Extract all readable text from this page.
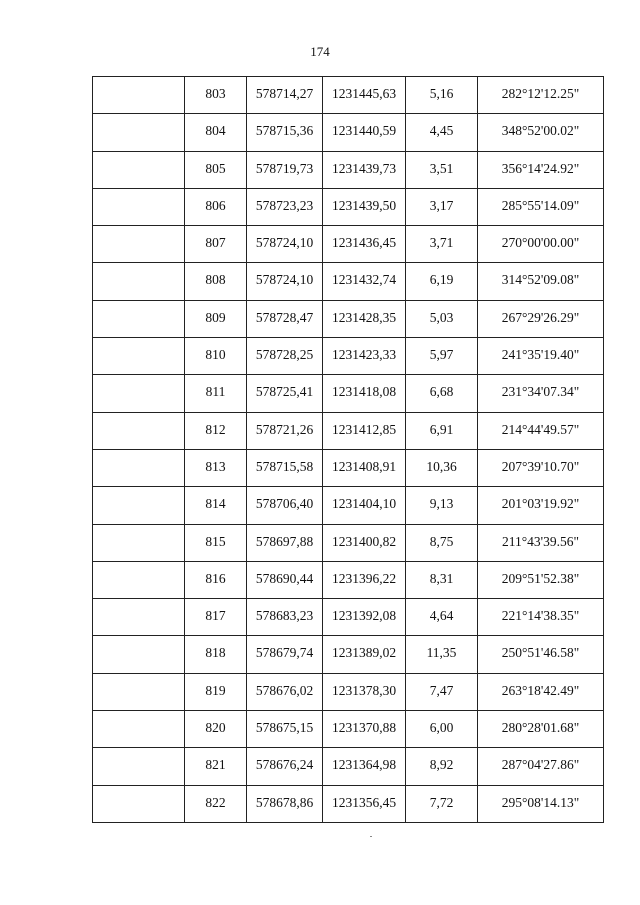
174

	803	578714,27	1231445,63	5,16	282°12'12.25"

	804	578715,36	1231440,59	4,45	348°52'00.02"

	805	578719,73	1231439,73	3,51	356°14'24.92"

	806	578723,23	1231439,50	3,17	285°55'14.09"

	807	578724,10	1231436,45	3,71	270°00'00.00"

	808	578724,10	1231432,74	6,19	314°52'09.08"

	809	578728,47	1231428,35	5,03	267°29'26.29"

	810	578728,25	1231423,33	5,97	241°35'19.40"

	811	578725,41	1231418,08	6,68	231°34'07.34"

	812	578721,26	1231412,85	6,91	214°44'49.57"

	813	578715,58	1231408,91	10,36	207°39'10.70"

	814	578706,40	1231404,10	9,13	201°03'19.92"

	815	578697,88	1231400,82	8,75	211°43'39.56"

	816	578690,44	1231396,22	8,31	209°51'52.38"

	817	578683,23	1231392,08	4,64	221°14'38.35"

	818	578679,74	1231389,02	11,35	250°51'46.58"

	819	578676,02	1231378,30	7,47	263°18'42.49"

	820	578675,15	1231370,88	6,00	280°28'01.68"

	821	578676,24	1231364,98	8,92	287°04'27.86"

	822	578678,86	1231356,45	7,72	295°08'14.13"
